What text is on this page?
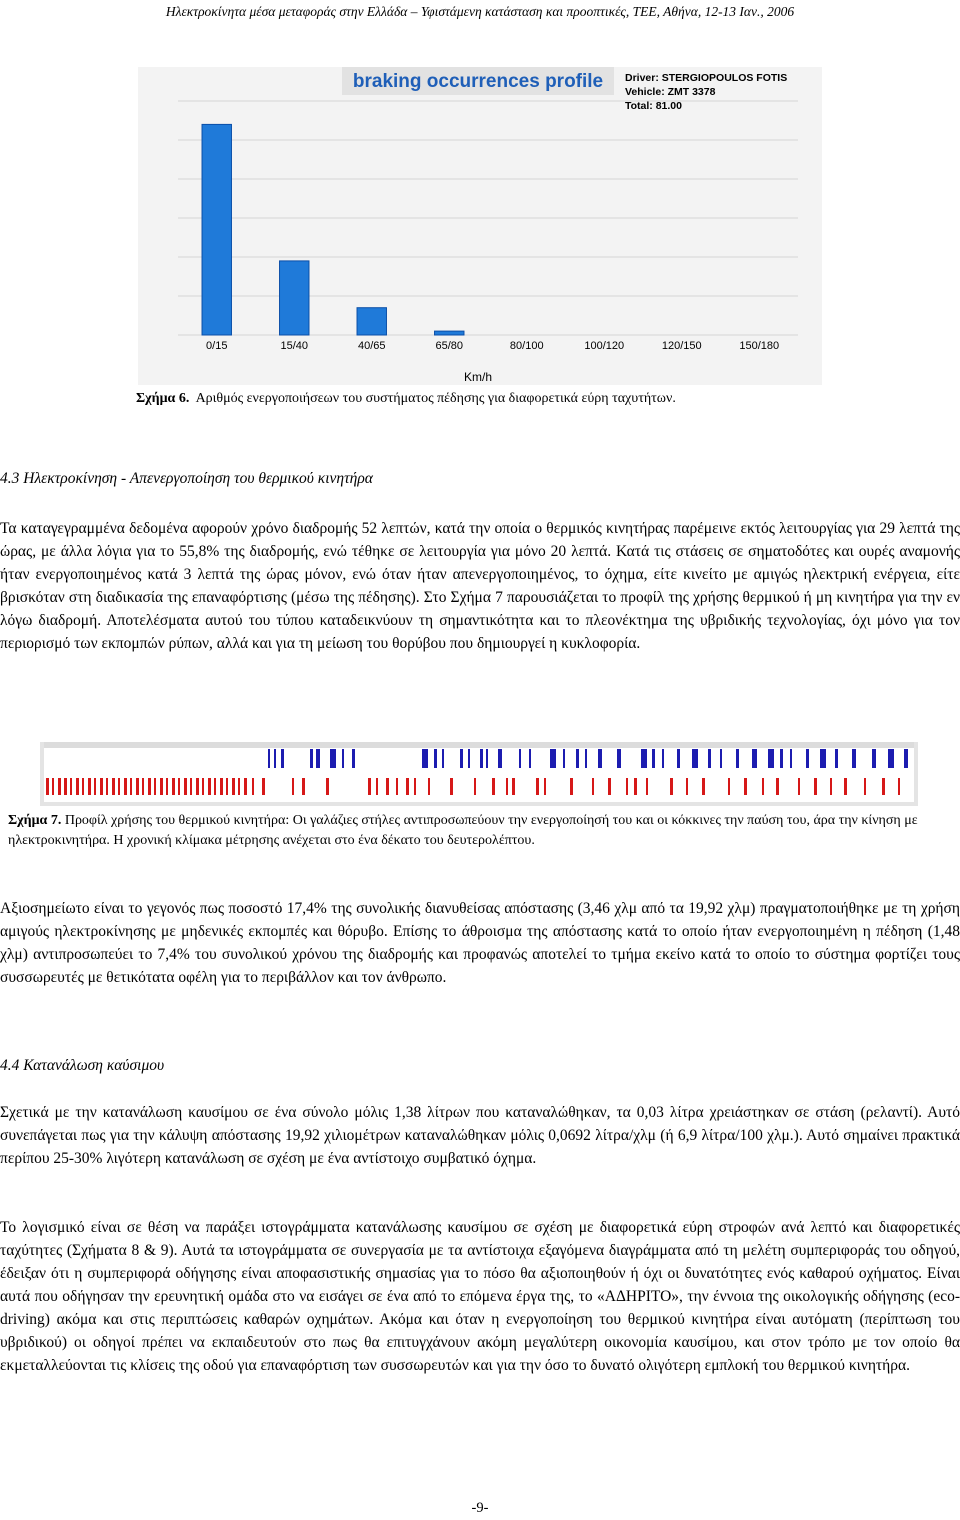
Ηλεκτροκίνητα μέσα μεταφοράς στην Ελλάδα – Υφιστάμενη κατάσταση και προοπτικές, ΤΕΕ, Αθήνα, 12-13 Ιαν., 2006
braking occurrences profile Driver: STERGIOPOULOS FOTIS
Vehicle: ZMT 3378
Total: 81.00
0/15	15/40	40/65	65/80	80/100	100/120	120/150	150/180
Km/h
Σχήμα 6. Αριθμός ενεργοποιήσεων του συστήματος πέδησης για διαφορετικά εύρη ταχυτήτων.
4.3 Ηλεκτροκίνηση - Απενεργοποίηση του θερμικού κινητήρα
Τα καταγεγραμμένα δεδομένα αφορούν χρόνο διαδρομής 52 λεπτών, κατά την οποία ο θερμικός κινητήρας παρέμεινε εκτός λειτουργίας για 29 λεπτά της ώρας, με άλλα λόγια για το 55,8% της διαδρομής, ενώ τέθηκε σε λειτουργία για μόνο 20 λεπτά. Κατά τις στάσεις σε σηματοδότες και ουρές αναμονής ήταν ενεργοποιημένος κατά 3 λεπτά της ώρας μόνον, ενώ όταν ήταν απενεργοποιημένος, το όχημα, είτε κινείτο με αμιγώς ηλεκτρική ενέργεια, είτε βρισκόταν στη διαδικασία της επαναφόρτισης (μέσω της πέδησης). Στο Σχήμα 7 παρουσιάζεται το προφίλ της χρήσης θερμικού ή μη κινητήρα για την εν λόγω διαδρομή. Αποτελέσματα αυτού του τύπου καταδεικνύουν τη σημαντικότητα και το πλεονέκτημα της υβριδικής τεχνολογίας, όχι μόνο για τον περιορισμό των εκπομπών ρύπων, αλλά και για τη μείωση του θορύβου που δημιουργεί η κυκλοφορία.
Σχήμα 7. Προφίλ χρήσης του θερμικού κινητήρα: Οι γαλάζιες στήλες αντιπροσωπεύουν την ενεργοποίησή του και οι κόκκινες την παύση του, άρα την κίνηση με ηλεκτροκινητήρα. Η χρονική κλίμακα μέτρησης ανέχεται στο ένα δέκατο του δευτερολέπτου.
Αξιοσημείωτο είναι το γεγονός πως ποσοστό 17,4% της συνολικής διανυθείσας απόστασης (3,46 χλμ από τα 19,92 χλμ) πραγματοποιήθηκε με τη χρήση αμιγούς ηλεκτροκίνησης με μηδενικές εκπομπές και θόρυβο. Επίσης το άθροισμα της απόστασης κατά το οποίο ήταν ενεργοποιημένη η πέδηση (1,48 χλμ) αντιπροσωπεύει το 7,4% του συνολικού χρόνου της διαδρομής και προφανώς αποτελεί το τμήμα εκείνο κατά το οποίο το σύστημα φορτίζει τους συσσωρευτές με θετικότατα οφέλη για το περιβάλλον και τον άνθρωπο.
4.4 Κατανάλωση καύσιμου
Σχετικά με την κατανάλωση καυσίμου σε ένα σύνολο μόλις 1,38 λίτρων που καταναλώθηκαν, τα 0,03 λίτρα χρειάστηκαν σε στάση (ρελαντί). Αυτό συνεπάγεται πως για την κάλυψη απόστασης 19,92 χιλιομέτρων καταναλώθηκαν μόλις 0,0692 λίτρα/χλμ (ή 6,9 λίτρα/100 χλμ.). Αυτό σημαίνει πρακτικά περίπου 25-30% λιγότερη κατανάλωση σε σχέση με ένα αντίστοιχο συμβατικό όχημα.
Το λογισμικό είναι σε θέση να παράξει ιστογράμματα κατανάλωσης καυσίμου σε σχέση με διαφορετικά εύρη στροφών ανά λεπτό και διαφορετικές ταχύτητες (Σχήματα 8 & 9). Αυτά τα ιστογράμματα σε συνεργασία με τα αντίστοιχα εξαγόμενα διαγράμματα από τη μελέτη συμπεριφοράς του οδηγού, έδειξαν ότι η συμπεριφορά οδήγησης είναι αποφασιστικής σημασίας για το πόσο θα αξιοποιηθούν ή όχι οι δυνατότητες ενός καθαρού οχήματος. Είναι αυτά που οδήγησαν την ερευνητική ομάδα στο να εισάγει σε ένα από το επόμενα έργα της, το «ΑΔΗΡΙΤΟ», την έννοια της οικολογικής οδήγησης (eco-driving) ακόμα και στις περιπτώσεις καθαρών οχημάτων. Ακόμα και όταν η ενεργοποίηση του θερμικού κινητήρα είναι αυτόματη (περίπτωση του υβριδικού) οι οδηγοί πρέπει να εκπαιδευτούν στο πως θα επιτυγχάνουν ακόμη μεγαλύτερη οικονομία καυσίμου, και στον τρόπο με τον οποίο θα εκμεταλλεύονται τις κλίσεις της οδού για επαναφόρτιση των συσσωρευτών και για την όσο το δυνατό ολιγότερη εμπλοκή του θερμικού κινητήρα.
-9-
